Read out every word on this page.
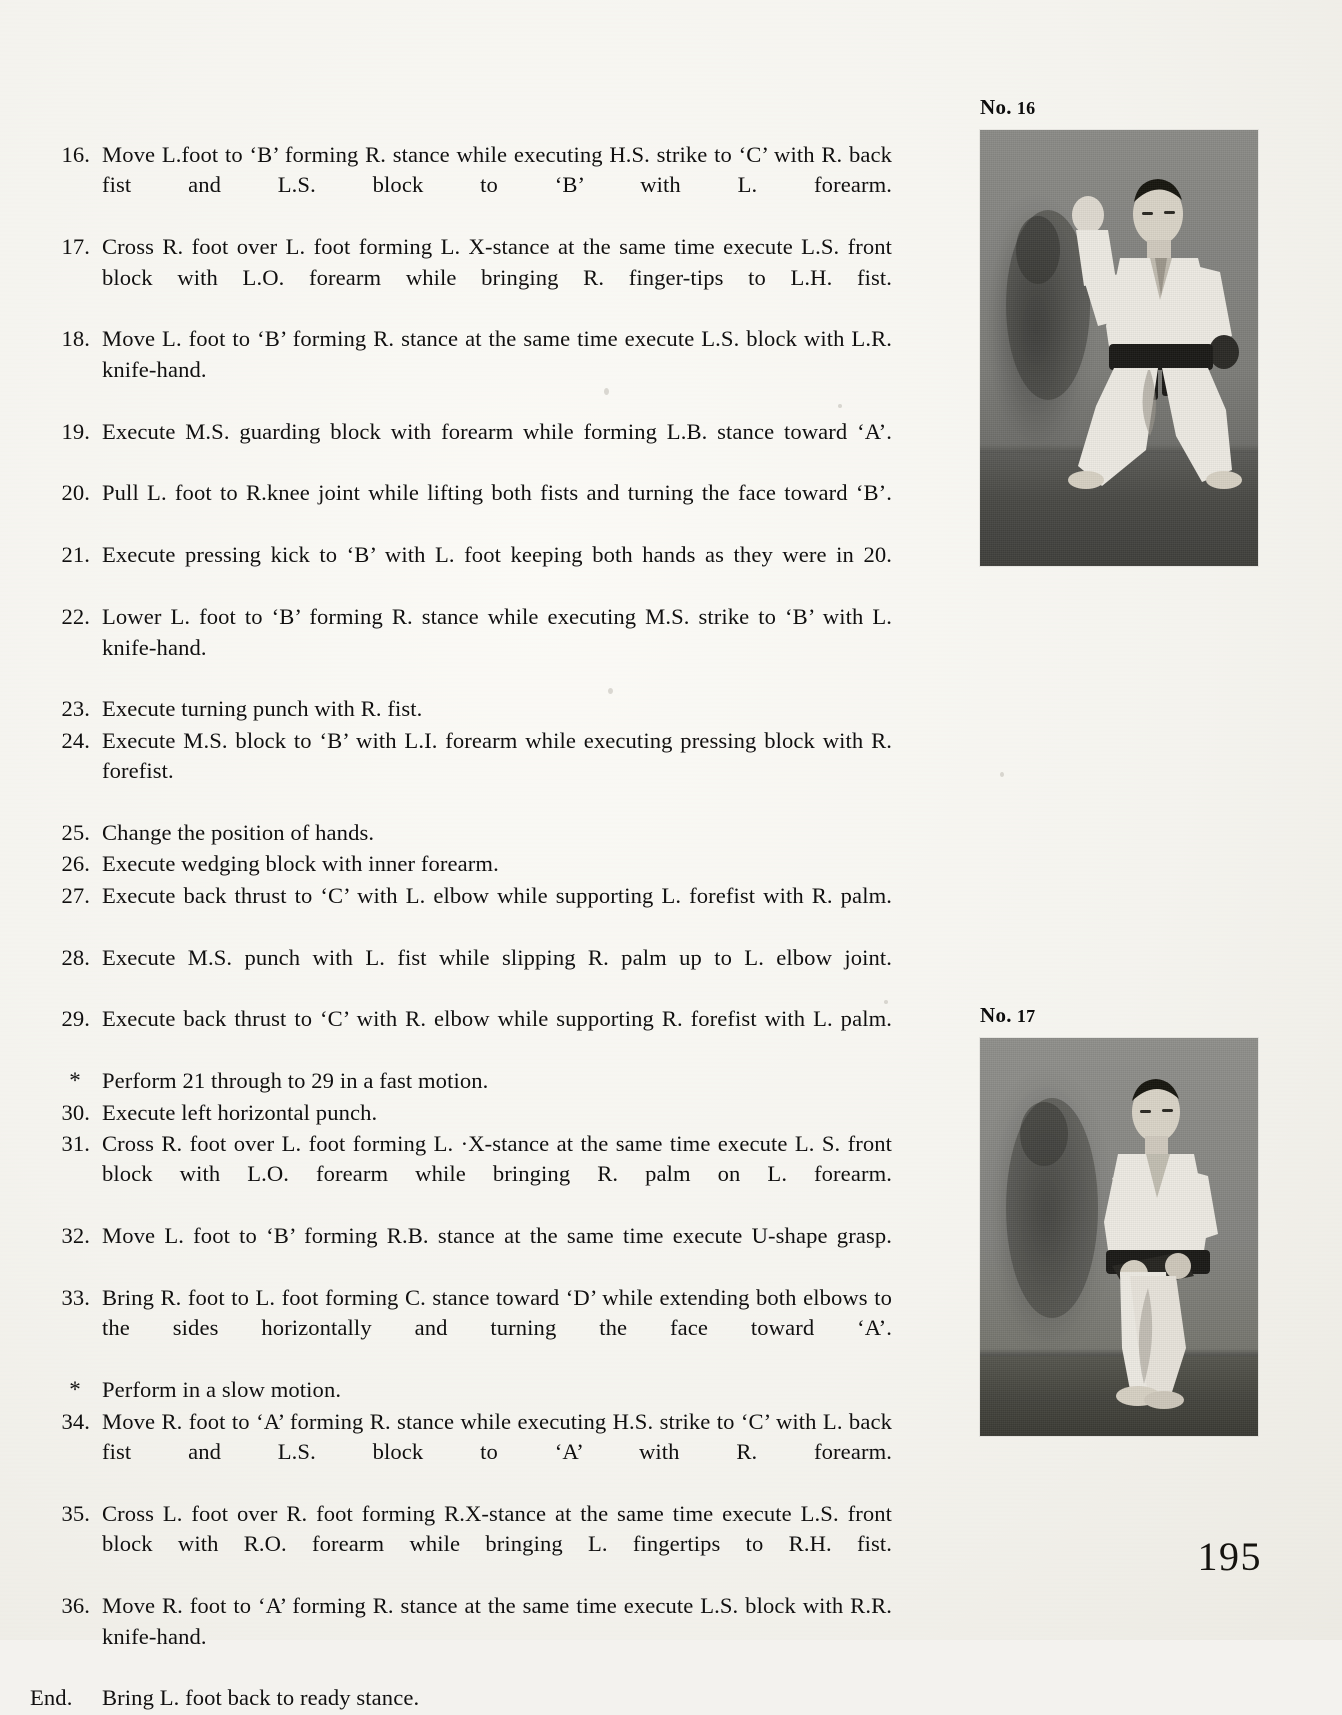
16. Move L.foot to ‘B’ forming R. stance while executing H.S. strike to ‘C’ with R. back fist and L.S. block to ‘B’ with L. forearm.
17. Cross R. foot over L. foot forming L. X-stance at the same time execute L.S. front block with L.O. forearm while bringing R. finger-tips to L.H. fist.
18. Move L. foot to ‘B’ forming R. stance at the same time execute L.S. block with L.R. knife-hand.
19. Execute M.S. guarding block with forearm while forming L.B. stance toward ‘A’.
20. Pull L. foot to R.knee joint while lifting both fists and turning the face toward ‘B’.
21. Execute pressing kick to ‘B’ with L. foot keeping both hands as they were in 20.
22. Lower L. foot to ‘B’ forming R. stance while executing M.S. strike to ‘B’ with L. knife-hand.
23. Execute turning punch with R. fist.
24. Execute M.S. block to ‘B’ with L.I. forearm while executing pressing block with R. forefist.
25. Change the position of hands.
26. Execute wedging block with inner forearm.
27. Execute back thrust to ‘C’ with L. elbow while supporting L. forefist with R. palm.
28. Execute M.S. punch with L. fist while slipping R. palm up to L. elbow joint.
29. Execute back thrust to ‘C’ with R. elbow while supporting R. forefist with L. palm.
* Perform 21 through to 29 in a fast motion.
30. Execute left horizontal punch.
31. Cross R. foot over L. foot forming L. ·X-stance at the same time execute L. S. front block with L.O. forearm while bringing R. palm on L. forearm.
32. Move L. foot to ‘B’ forming R.B. stance at the same time execute U-shape grasp.
33. Bring R. foot to L. foot forming C. stance toward ‘D’ while extending both elbows to the sides horizontally and turning the face toward ‘A’.
* Perform in a slow motion.
34. Move R. foot to ‘A’ forming R. stance while executing H.S. strike to ‘C’ with L. back fist and L.S. block to ‘A’ with R. forearm.
35. Cross L. foot over R. foot forming R.X-stance at the same time execute L.S. front block with R.O. forearm while bringing L. fingertips to R.H. fist.
36. Move R. foot to ‘A’ forming R. stance at the same time execute L.S. block with R.R. knife-hand.
End.	Bring L. foot back to ready stance.
No. 16
No. 17
195
